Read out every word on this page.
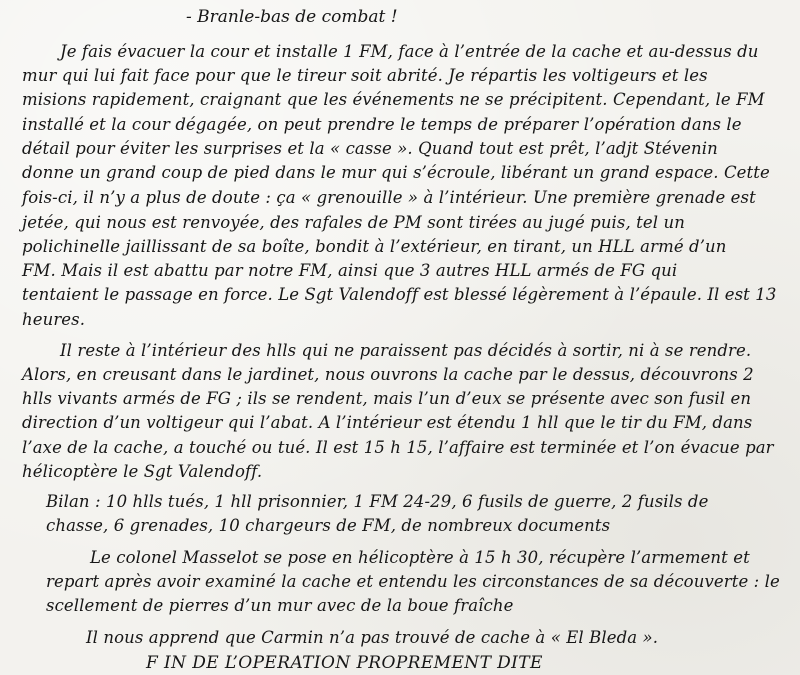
- Branle-bas de combat !
Je fais évacuer la cour et installe 1 FM, face à l’entrée de la cache et au-dessus du
mur qui lui fait face pour que le tireur soit abrité. Je répartis les voltigeurs et les
misions rapidement, craignant que les événements ne se précipitent. Cependant, le FM
installé et la cour dégagée, on peut prendre le temps de préparer l’opération dans le
détail pour éviter les surprises et la « casse ». Quand tout est prêt, l’adjt Stévenin
donne un grand coup de pied dans le mur qui s’écroule, libérant un grand espace. Cette
fois-ci, il n’y a plus de doute : ça « grenouille » à l’intérieur. Une première grenade est
jetée, qui nous est renvoyée, des rafales de PM sont tirées au jugé puis, tel un
polichinelle jaillissant de sa boîte, bondit à l’extérieur, en tirant, un HLL armé d’un
FM. Mais il est abattu par notre FM, ainsi que 3 autres HLL armés de FG qui
tentaient le passage en force. Le Sgt Valendoff est blessé légèrement à l’épaule. Il est 13
heures.
Il reste à l’intérieur des hlls qui ne paraissent pas décidés à sortir, ni à se rendre.
Alors, en creusant dans le jardinet, nous ouvrons la cache par le dessus, découvrons 2
hlls vivants armés de FG ; ils se rendent, mais l’un d’eux se présente avec son fusil en
direction d’un voltigeur qui l’abat. A l’intérieur est étendu 1 hll que le tir du FM, dans
l’axe de la cache, a touché ou tué. Il est 15 h 15, l’affaire est terminée et l’on évacue par
hélicoptère le Sgt Valendoff.
Bilan : 10 hlls tués, 1 hll prisonnier, 1 FM 24-29, 6 fusils de guerre, 2 fusils de
chasse, 6 grenades, 10 chargeurs de FM, de nombreux documents
Le colonel Masselot se pose en hélicoptère à 15 h 30, récupère l’armement et
repart après avoir examiné la cache et entendu les circonstances de sa découverte : le
scellement de pierres d’un mur avec de la boue fraîche
Il nous apprend que Carmin n’a pas trouvé de cache à « El Bleda ».
F IN DE L’OPERATION PROPREMENT DITE
